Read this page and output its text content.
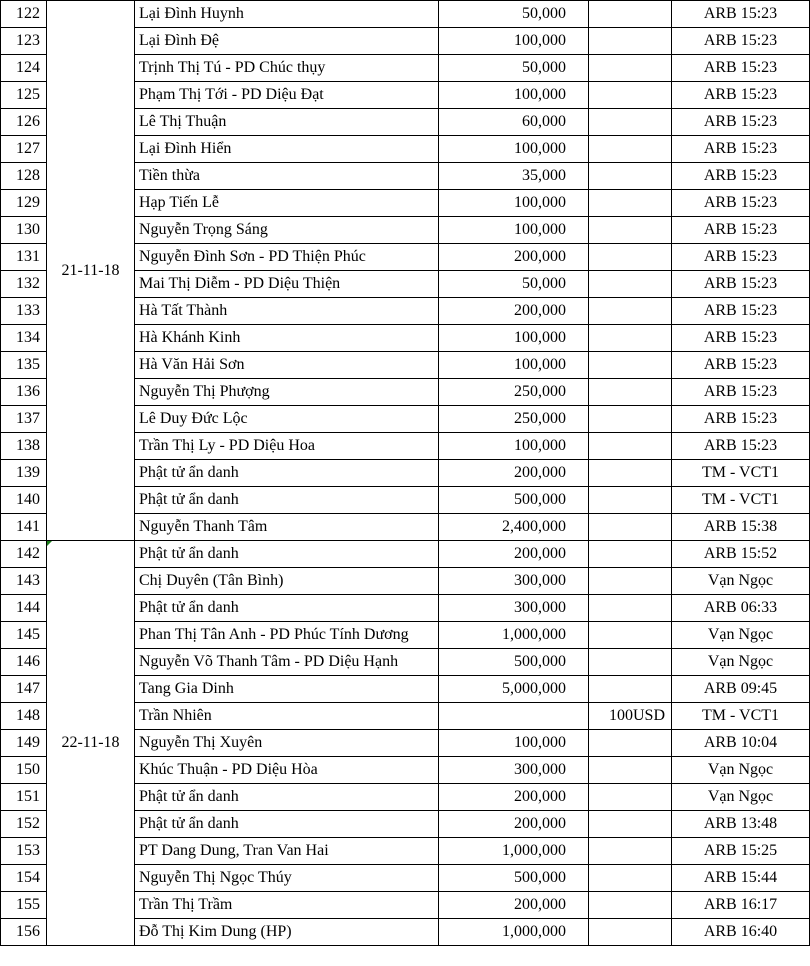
122	21-11-18	Lại Đình Huynh	50,000		ARB 15:23
123		Lại Đình Đệ	100,000		ARB 15:23
124		Trịnh Thị Tú - PD Chúc thụy	50,000		ARB 15:23
125		Phạm Thị Tới - PD Diệu Đạt	100,000		ARB 15:23
126		Lê Thị Thuận	60,000		ARB 15:23
127		Lại Đình Hiển	100,000		ARB 15:23
128		Tiền thừa	35,000		ARB 15:23
129		Hạp Tiến Lễ	100,000		ARB 15:23
130		Nguyễn Trọng Sáng	100,000		ARB 15:23
131		Nguyễn Đình Sơn - PD Thiện Phúc	200,000		ARB 15:23
132		Mai Thị Diễm - PD Diệu Thiện	50,000		ARB 15:23
133		Hà Tất Thành	200,000		ARB 15:23
134		Hà Khánh Kinh	100,000		ARB 15:23
135		Hà Văn Hải Sơn	100,000		ARB 15:23
136		Nguyễn Thị Phượng	250,000		ARB 15:23
137		Lê Duy Đức Lộc	250,000		ARB 15:23
138		Trần Thị Ly - PD Diệu Hoa	100,000		ARB 15:23
139		Phật tử ẩn danh	200,000		TM - VCT1
140		Phật tử ẩn danh	500,000		TM - VCT1
141		Nguyễn Thanh Tâm	2,400,000		ARB 15:38
142	22-11-18	Phật tử ẩn danh	200,000		ARB 15:52
143		Chị Duyên (Tân Bình)	300,000		Vạn Ngọc
144		Phật tử ẩn danh	300,000		ARB 06:33
145		Phan Thị Tân Anh - PD Phúc Tính Dương	1,000,000		Vạn Ngọc
146		Nguyễn Võ Thanh Tâm - PD Diệu Hạnh	500,000		Vạn Ngọc
147		Tang Gia Dinh	5,000,000		ARB 09:45
148		Trần Nhiên		100USD	TM - VCT1
149		Nguyễn Thị Xuyên	100,000		ARB 10:04
150		Khúc Thuận - PD Diệu Hòa	300,000		Vạn Ngọc
151		Phật tử ẩn danh	200,000		Vạn Ngọc
152		Phật tử ẩn danh	200,000		ARB 13:48
153		PT Dang Dung, Tran Van Hai	1,000,000		ARB 15:25
154		Nguyễn Thị Ngọc Thúy	500,000		ARB 15:44
155		Trần Thị Trầm	200,000		ARB 16:17
156		Đỗ Thị Kim Dung (HP)	1,000,000		ARB 16:40
